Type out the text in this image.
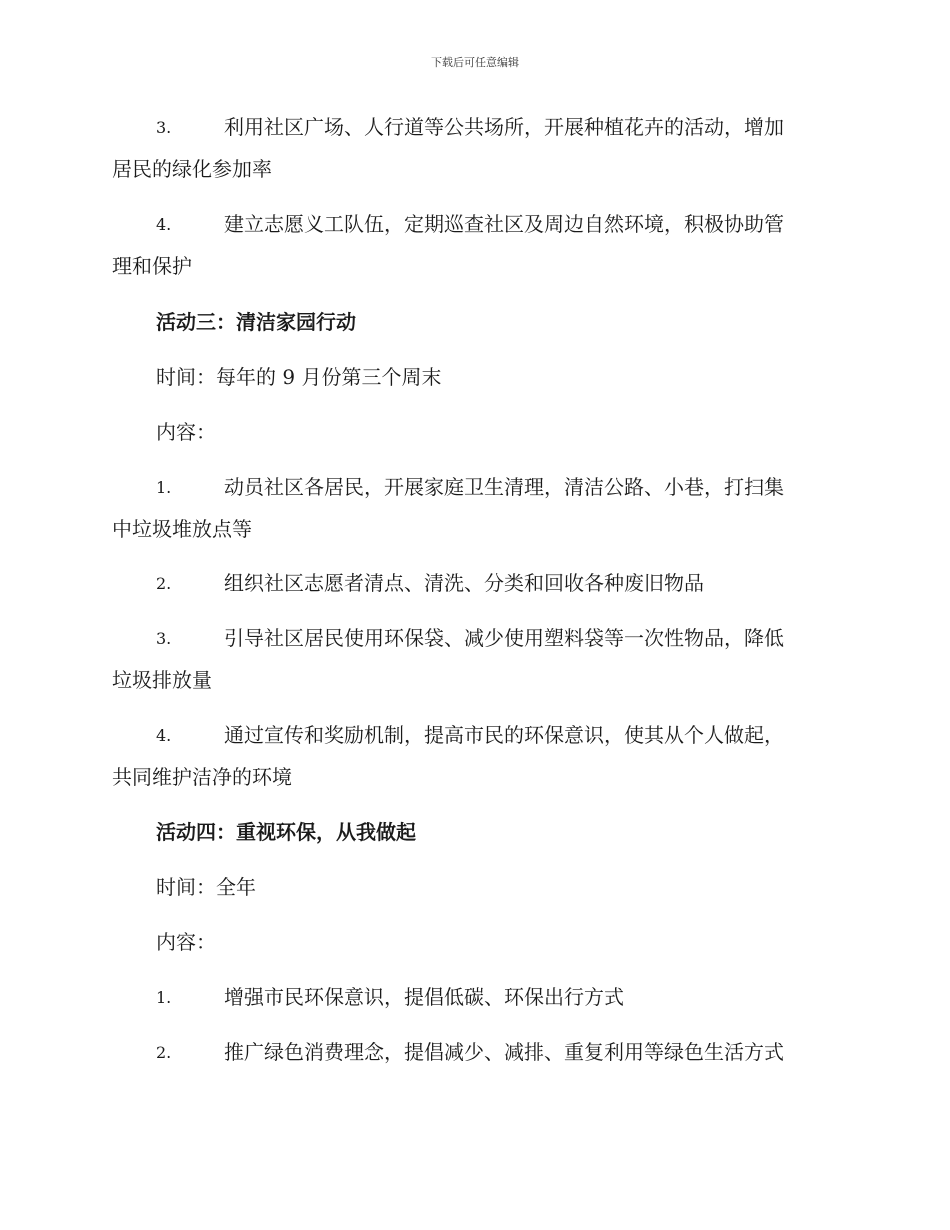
下载后可任意编辑
3.	利用社区广场、人行道等公共场所，开展种植花卉的活动，增加
居民的绿化参加率
4.	建立志愿义工队伍，定期巡查社区及周边自然环境，积极协助管
理和保护
活动三：清洁家园行动
时间：每年的 9 月份第三个周末
内容：
1.	动员社区各居民，开展家庭卫生清理，清洁公路、小巷，打扫集
中垃圾堆放点等
2.	组织社区志愿者清点、清洗、分类和回收各种废旧物品
3.	引导社区居民使用环保袋、减少使用塑料袋等一次性物品，降低
垃圾排放量
4.	通过宣传和奖励机制，提高市民的环保意识，使其从个人做起，
共同维护洁净的环境
活动四：重视环保，从我做起
时间：全年
内容：
1.	增强市民环保意识，提倡低碳、环保出行方式
2.	推广绿色消费理念，提倡减少、减排、重复利用等绿色生活方式
